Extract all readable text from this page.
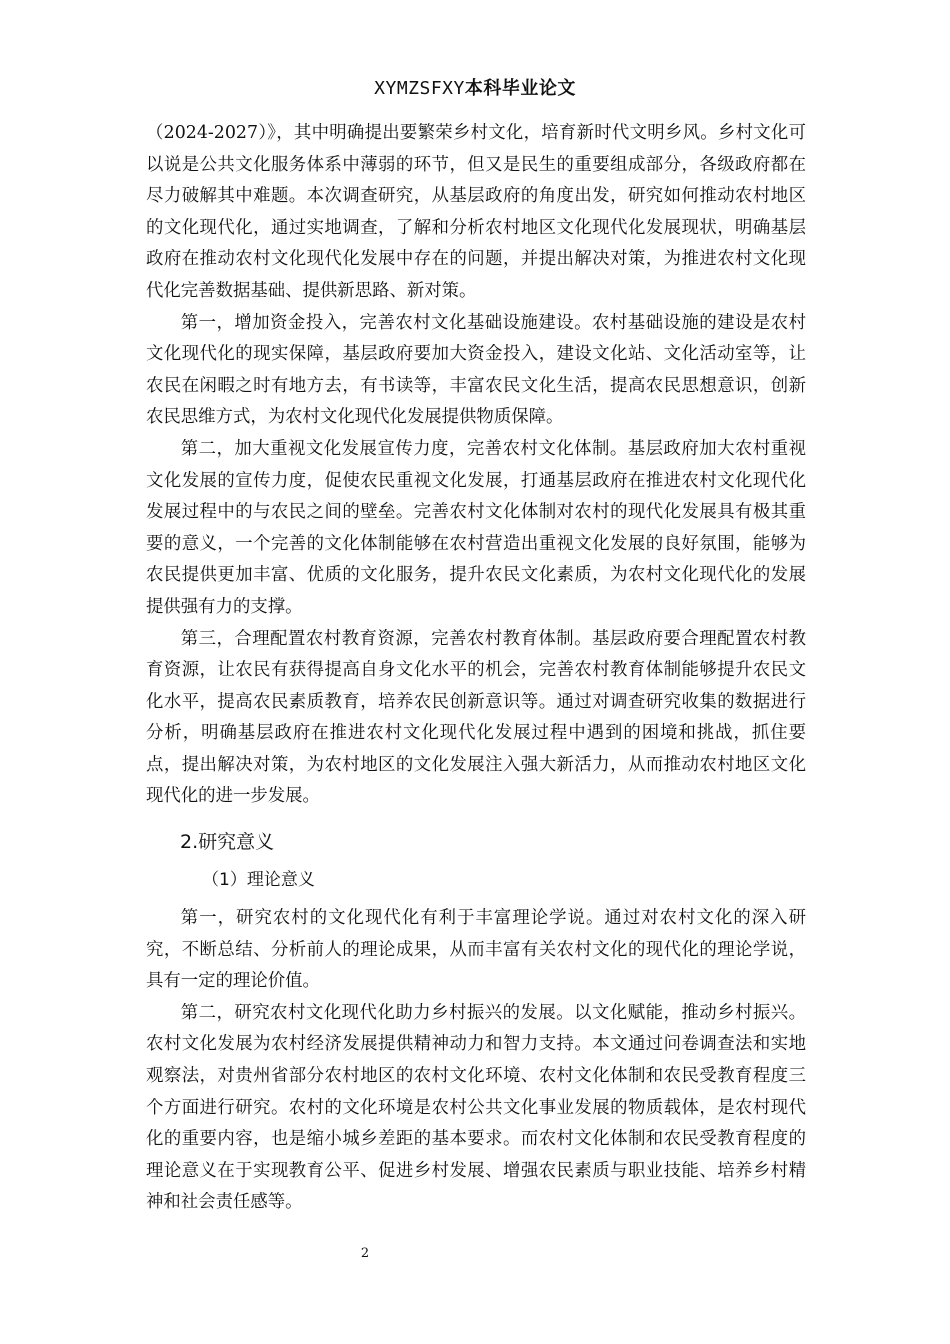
XYMZSFXY本科毕业论文

（2024-2027）》，其中明确提出要繁荣乡村文化，培育新时代文明乡风。乡村文化可以说是公共文化服务体系中薄弱的环节，但又是民生的重要组成部分，各级政府都在尽力破解其中难题。本次调查研究，从基层政府的角度出发，研究如何推动农村地区的文化现代化，通过实地调查，了解和分析农村地区文化现代化发展现状，明确基层政府在推动农村文化现代化发展中存在的问题，并提出解决对策，为推进农村文化现代化完善数据基础、提供新思路、新对策。

第一，增加资金投入，完善农村文化基础设施建设。农村基础设施的建设是农村文化现代化的现实保障，基层政府要加大资金投入，建设文化站、文化活动室等，让农民在闲暇之时有地方去，有书读等，丰富农民文化生活，提高农民思想意识，创新农民思维方式，为农村文化现代化发展提供物质保障。

第二，加大重视文化发展宣传力度，完善农村文化体制。基层政府加大农村重视文化发展的宣传力度，促使农民重视文化发展，打通基层政府在推进农村文化现代化发展过程中的与农民之间的壁垒。完善农村文化体制对农村的现代化发展具有极其重要的意义，一个完善的文化体制能够在农村营造出重视文化发展的良好氛围，能够为农民提供更加丰富、优质的文化服务，提升农民文化素质，为农村文化现代化的发展提供强有力的支撑。

第三，合理配置农村教育资源，完善农村教育体制。基层政府要合理配置农村教育资源，让农民有获得提高自身文化水平的机会，完善农村教育体制能够提升农民文化水平，提高农民素质教育，培养农民创新意识等。通过对调查研究收集的数据进行分析，明确基层政府在推进农村文化现代化发展过程中遇到的困境和挑战，抓住要点，提出解决对策，为农村地区的文化发展注入强大新活力，从而推动农村地区文化现代化的进一步发展。

2.研究意义
（1）理论意义

第一，研究农村的文化现代化有利于丰富理论学说。通过对农村文化的深入研究，不断总结、分析前人的理论成果，从而丰富有关农村文化的现代化的理论学说，具有一定的理论价值。

第二，研究农村文化现代化助力乡村振兴的发展。以文化赋能，推动乡村振兴。农村文化发展为农村经济发展提供精神动力和智力支持。本文通过问卷调查法和实地观察法，对贵州省部分农村地区的农村文化环境、农村文化体制和农民受教育程度三个方面进行研究。农村的文化环境是农村公共文化事业发展的物质载体，是农村现代化的重要内容，也是缩小城乡差距的基本要求。而农村文化体制和农民受教育程度的理论意义在于实现教育公平、促进乡村发展、增强农民素质与职业技能、培养乡村精神和社会责任感等。

2
